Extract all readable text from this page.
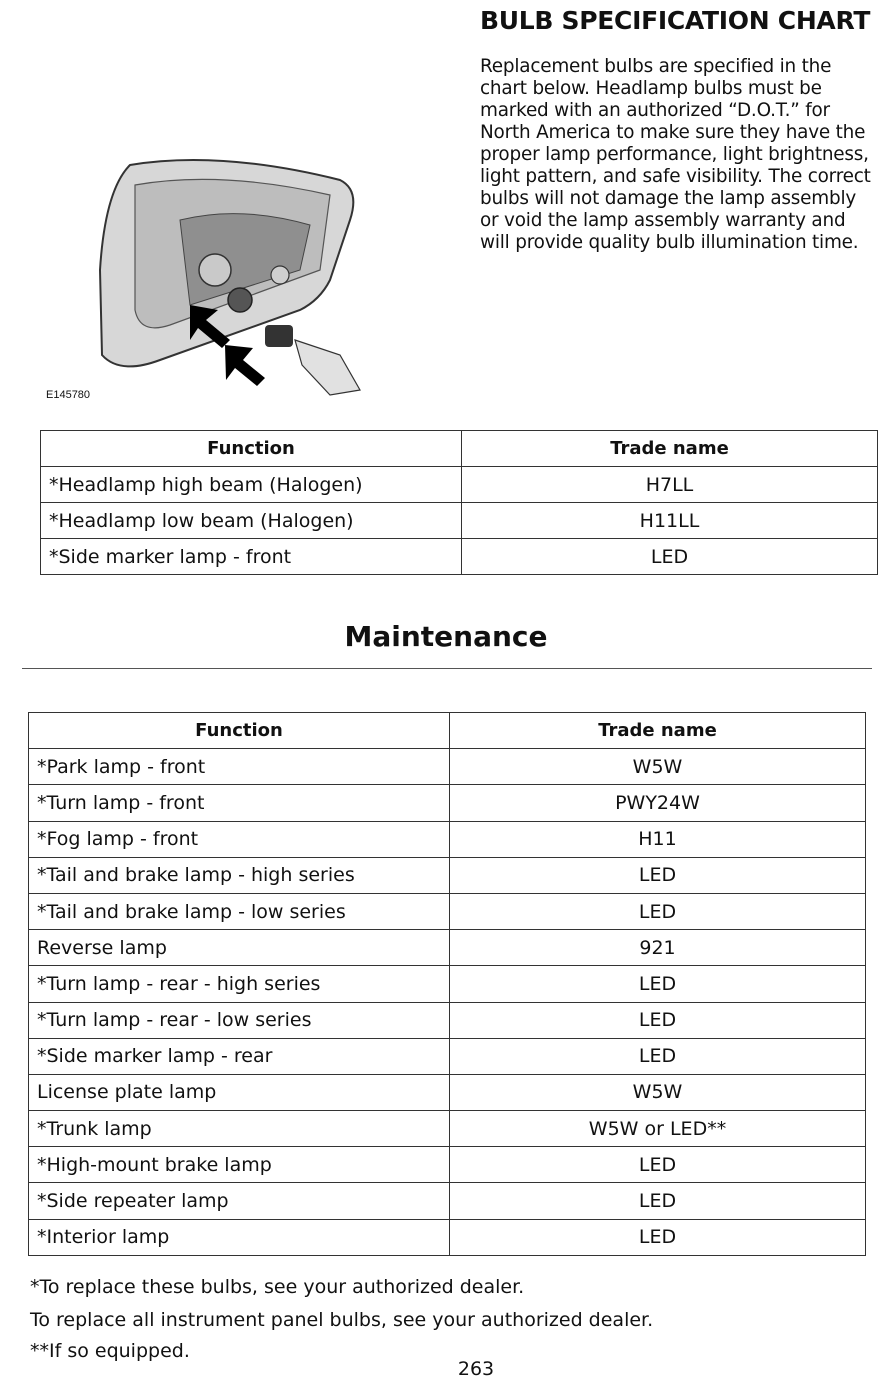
BULB SPECIFICATION CHART
Replacement bulbs are specified in the chart below. Headlamp bulbs must be marked with an authorized “D.O.T.” for North America to make sure they have the proper lamp performance, light brightness, light pattern, and safe visibility. The correct bulbs will not damage the lamp assembly or void the lamp assembly warranty and will provide quality bulb illumination time.
E145780
Function	Trade name
*Headlamp high beam (Halogen)	H7LL
*Headlamp low beam (Halogen)	H11LL
*Side marker lamp - front	LED
Maintenance
Function	Trade name
*Park lamp - front	W5W
*Turn lamp - front	PWY24W
*Fog lamp - front	H11
*Tail and brake lamp - high series	LED
*Tail and brake lamp - low series	LED
Reverse lamp	921
*Turn lamp - rear - high series	LED
*Turn lamp - rear - low series	LED
*Side marker lamp - rear	LED
License plate lamp	W5W
*Trunk lamp	W5W or LED**
*High-mount brake lamp	LED
*Side repeater lamp	LED
*Interior lamp	LED
*To replace these bulbs, see your authorized dealer.
To replace all instrument panel bulbs, see your authorized dealer.
**If so equipped.
263
